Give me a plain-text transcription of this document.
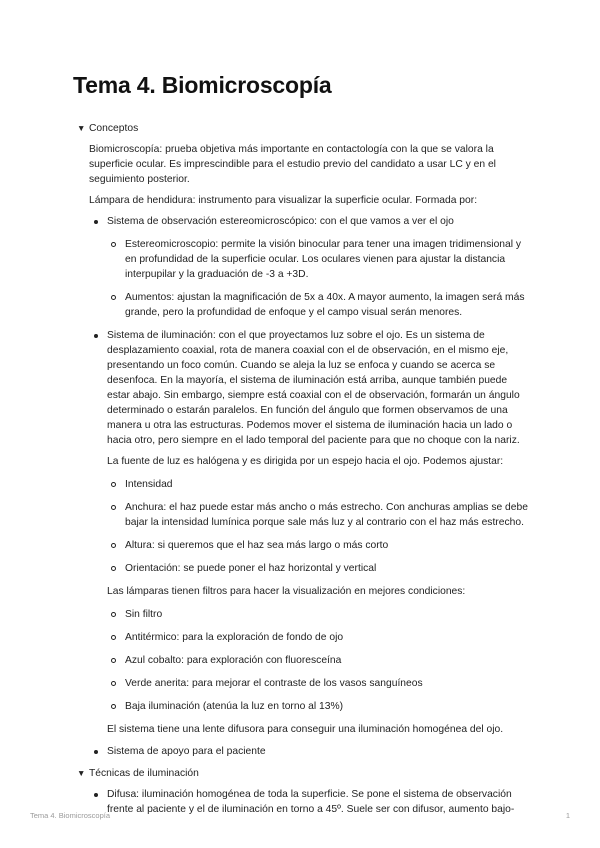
Tema 4. Biomicroscopía
▼ Conceptos

Biomicroscopía: prueba objetiva más importante en contactología con la que se valora la superficie ocular. Es imprescindible para el estudio previo del candidato a usar LC y en el seguimiento posterior.

Lámpara de hendidura: instrumento para visualizar la superficie ocular. Formada por:

Sistema de observación estereomicroscópico: con el que vamos a ver el ojo
Estereomicroscopio: permite la visión binocular para tener una imagen tridimensional y en profundidad de la superficie ocular. Los oculares vienen para ajustar la distancia interpupilar y la graduación de -3 a +3D.
Aumentos: ajustan la magnificación de 5x a 40x. A mayor aumento, la imagen será más grande, pero la profundidad de enfoque y el campo visual serán menores.
Sistema de iluminación: con el que proyectamos luz sobre el ojo. Es un sistema de desplazamiento coaxial, rota de manera coaxial con el de observación, en el mismo eje, presentando un foco común. Cuando se aleja la luz se enfoca y cuando se acerca se desenfoca. En la mayoría, el sistema de iluminación está arriba, aunque también puede estar abajo. Sin embargo, siempre está coaxial con el de observación, formarán un ángulo determinado o estarán paralelos. En función del ángulo que formen observamos de una manera u otra las estructuras. Podemos mover el sistema de iluminación hacia un lado o hacia otro, pero siempre en el lado temporal del paciente para que no choque con la nariz.
La fuente de luz es halógena y es dirigida por un espejo hacia el ojo. Podemos ajustar:
Intensidad
Anchura: el haz puede estar más ancho o más estrecho. Con anchuras amplias se debe bajar la intensidad lumínica porque sale más luz y al contrario con el haz más estrecho.
Altura: si queremos que el haz sea más largo o más corto
Orientación: se puede poner el haz horizontal y vertical
Las lámparas tienen filtros para hacer la visualización en mejores condiciones:
Sin filtro
Antitérmico: para la exploración de fondo de ojo
Azul cobalto: para exploración con fluoresceína
Verde anerita: para mejorar el contraste de los vasos sanguíneos
Baja iluminación (atenúa la luz en torno al 13%)
El sistema tiene una lente difusora para conseguir una iluminación homogénea del ojo.
Sistema de apoyo para el paciente
▼ Técnicas de iluminación
Difusa: iluminación homogénea de toda la superficie. Se pone el sistema de observación frente al paciente y el de iluminación en torno a 45º. Suele ser con difusor, aumento bajo-
Tema 4. Biomicroscopía	1
